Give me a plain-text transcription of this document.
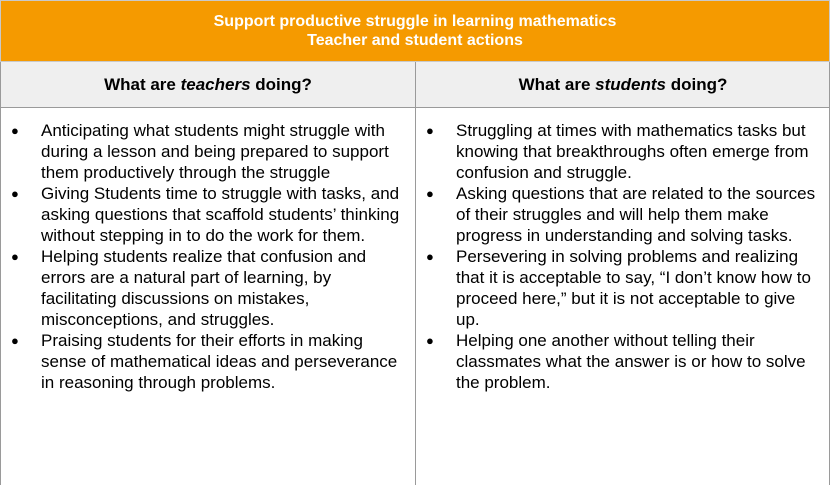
Support productive struggle in learning mathematics
Teacher and student actions
What are teachers doing?	What are students doing?
● Anticipating what students might struggle with during a lesson and being prepared to support them productively through the struggle
● Giving Students time to struggle with tasks, and asking questions that scaffold students’ thinking without stepping in to do the work for them.
● Helping students realize that confusion and errors are a natural part of learning, by facilitating discussions on mistakes, misconceptions, and struggles.
● Praising students for their efforts in making sense of mathematical ideas and perseverance in reasoning through problems.
● Struggling at times with mathematics tasks but knowing that breakthroughs often emerge from confusion and struggle.
● Asking questions that are related to the sources of their struggles and will help them make progress in understanding and solving tasks.
● Persevering in solving problems and realizing that it is acceptable to say, “I don’t know how to proceed here,” but it is not acceptable to give up.
● Helping one another without telling their classmates what the answer is or how to solve the problem.
